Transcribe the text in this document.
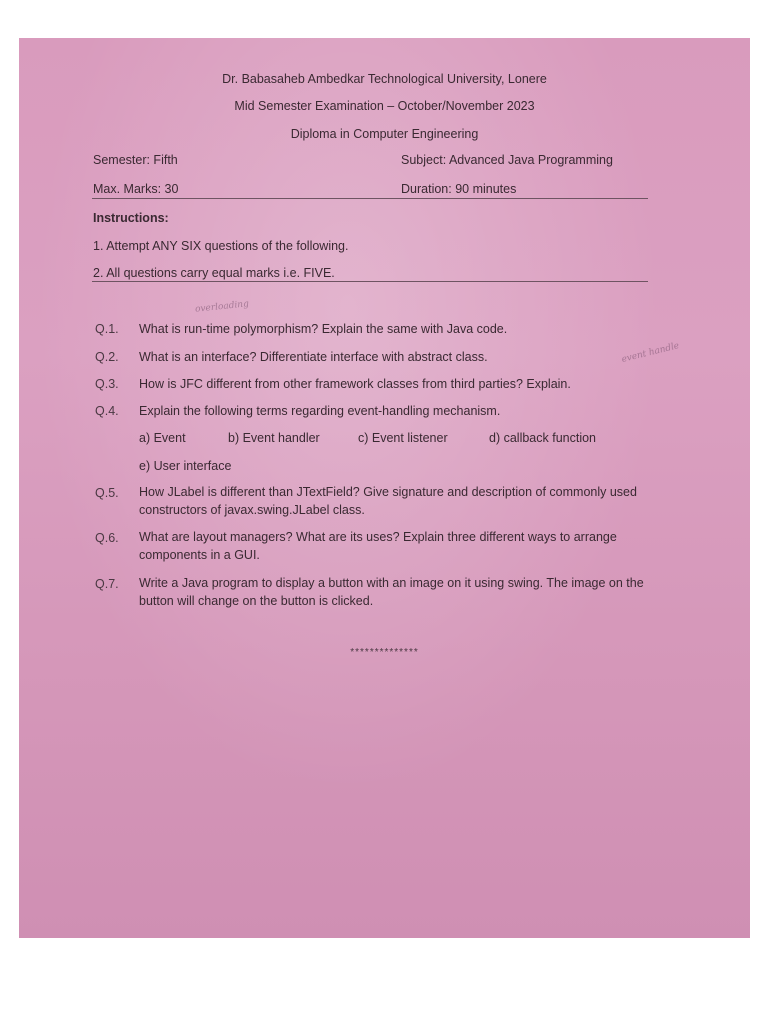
Dr. Babasaheb Ambedkar Technological University, Lonere
Mid Semester Examination – October/November 2023
Diploma in Computer Engineering
Semester: Fifth	Subject: Advanced Java Programming
Max. Marks: 30	Duration: 90 minutes
Instructions:
1. Attempt ANY SIX questions of the following.
2. All questions carry equal marks i.e. FIVE.
overloading
event handle
Q.1. What is run-time polymorphism? Explain the same with Java code.
Q.2. What is an interface? Differentiate interface with abstract class.
Q.3. How is JFC different from other framework classes from third parties? Explain.
Q.4. Explain the following terms regarding event-handling mechanism.
a) Event	b) Event handler	c) Event listener	d) callback function
e) User interface
Q.5. How JLabel is different than JTextField? Give signature and description of commonly used constructors of javax.swing.JLabel class.
Q.6. What are layout managers? What are its uses? Explain three different ways to arrange components in a GUI.
Q.7. Write a Java program to display a button with an image on it using swing. The image on the button will change on the button is clicked.
**************
